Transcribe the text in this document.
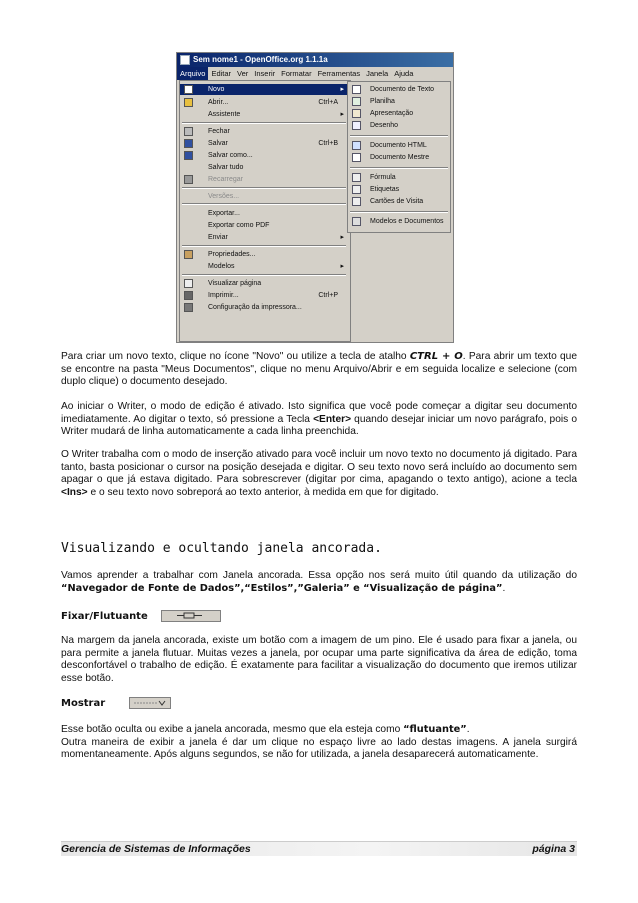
Sem nome1 - OpenOffice.org 1.1.1a
Arquivo Editar Ver Inserir Formatar Ferramentas Janela Ajuda
Novo	▸
Abrir...	Ctrl+A
Assistente	▸
Fechar
Salvar	Ctrl+B
Salvar como...
Salvar tudo
Recarregar
Versões...
Exportar...
Exportar como PDF
Enviar	▸
Propriedades...
Modelos	▸
Visualizar página
Imprimir...	Ctrl+P
Configuração da impressora...
Documento de Texto
Planilha
Apresentação
Desenho
Documento HTML
Documento Mestre
Fórmula
Etiquetas
Cartões de Visita
Modelos e Documentos
Para criar um novo texto, clique no ícone "Novo" ou utilize a tecla de atalho CTRL + O. Para abrir um texto que se encontre na pasta "Meus Documentos", clique no menu Arquivo/Abrir e em seguida localize e selecione (com duplo clique) o documento desejado.
Ao iniciar o Writer, o modo de edição é ativado. Isto significa que você pode começar a digitar seu documento imediatamente. Ao digitar o texto, só pressione a Tecla <Enter> quando desejar iniciar um novo parágrafo, pois o Writer mudará de linha automaticamente a cada linha preenchida.
O Writer trabalha com o modo de inserção ativado para você incluir um novo texto no documento já digitado. Para tanto, basta posicionar o cursor na posição desejada e digitar. O seu texto novo será incluído ao documento sem apagar o que já estava digitado. Para sobrescrever (digitar por cima, apagando o texto antigo), acione a tecla <Ins> e o seu texto novo sobreporá ao texto anterior, à medida em que for digitado.
Visualizando e ocultando janela ancorada.
Vamos aprender a trabalhar com Janela ancorada. Essa opção nos será muito útil quando da utilização do “Navegador de Fonte de Dados”,“Estilos”,”Galeria” e “Visualização de página”.
Fixar/Flutuante
Na margem da janela ancorada, existe um botão com a imagem de um pino. Ele é usado para fixar a janela, ou para permite a janela flutuar. Muitas vezes a janela, por ocupar uma parte significativa da área de edição, toma desconfortável o trabalho de edição. É exatamente para facilitar a visualização do documento que iremos utilizar esse botão.
Mostrar
Esse botão oculta ou exibe a janela ancorada, mesmo que ela esteja como “flutuante”.
Outra maneira de exibir a janela é dar um clique no espaço livre ao lado destas imagens. A janela surgirá momentaneamente. Após alguns segundos, se não for utilizada, a janela desaparecerá automaticamente.
Gerencia de Sistemas de Informações	página 3
